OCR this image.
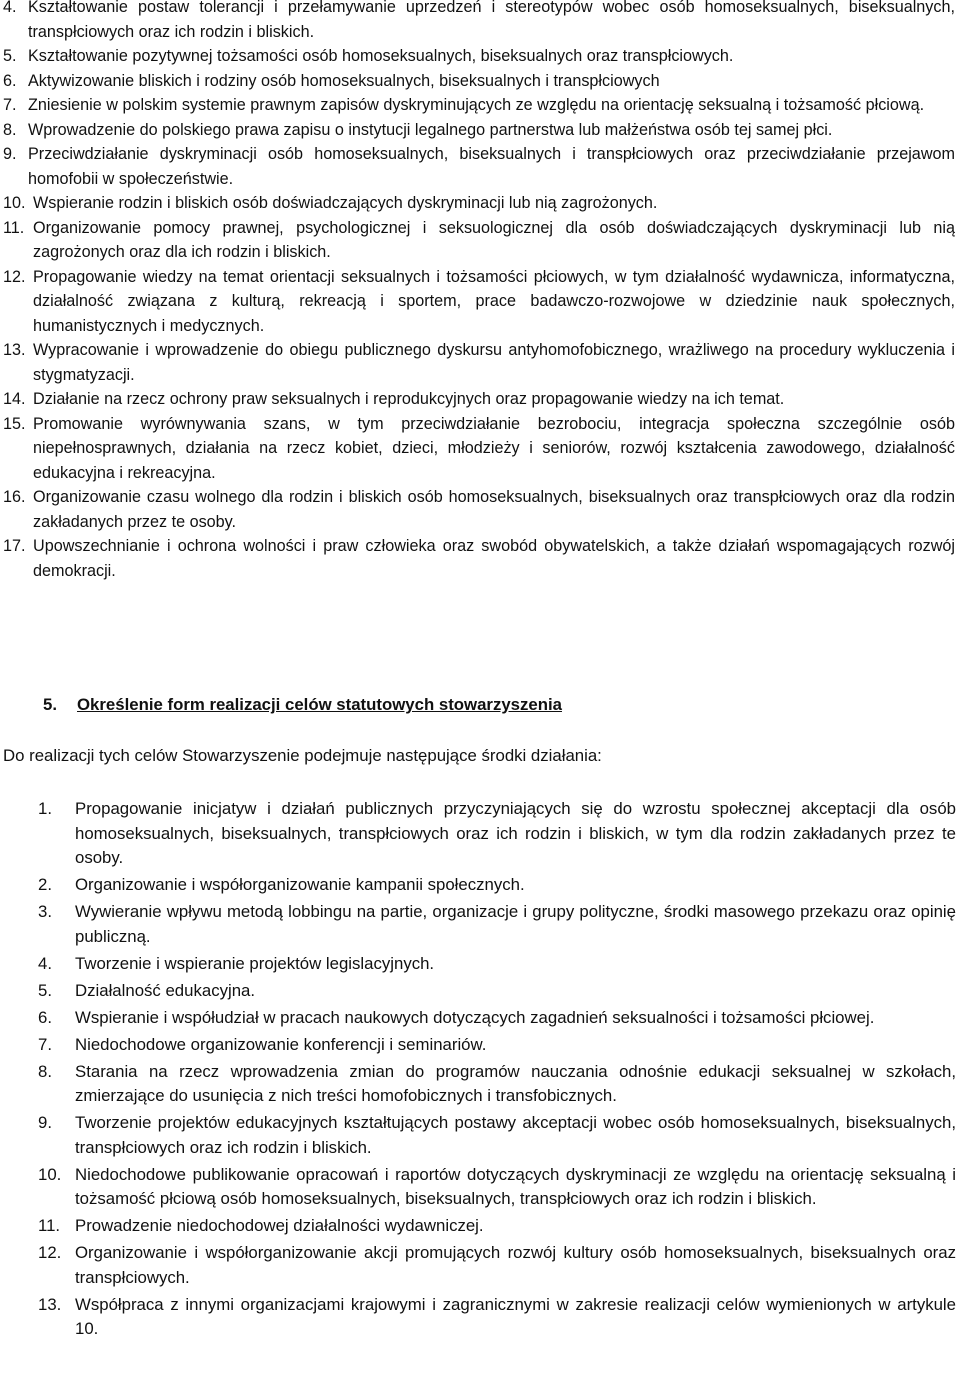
4. Kształtowanie postaw tolerancji i przełamywanie uprzedzeń i stereotypów wobec osób homoseksualnych, biseksualnych, transpłciowych oraz ich rodzin i bliskich.
5. Kształtowanie pozytywnej tożsamości osób homoseksualnych, biseksualnych oraz transpłciowych.
6. Aktywizowanie bliskich i rodziny osób homoseksualnych, biseksualnych i transpłciowych
7. Zniesienie w polskim systemie prawnym zapisów dyskryminujących ze względu na orientację seksualną i tożsamość płciową.
8. Wprowadzenie do polskiego prawa zapisu o instytucji legalnego partnerstwa lub małżeństwa osób tej samej płci.
9. Przeciwdziałanie dyskryminacji osób homoseksualnych, biseksualnych i transpłciowych oraz przeciwdziałanie przejawom homofobii w społeczeństwie.
10. Wspieranie rodzin i bliskich osób doświadczających dyskryminacji lub nią zagrożonych.
11. Organizowanie pomocy prawnej, psychologicznej i seksuologicznej dla osób doświadczających dyskryminacji lub nią zagrożonych oraz dla ich rodzin i bliskich.
12. Propagowanie wiedzy na temat orientacji seksualnych i tożsamości płciowych, w tym działalność wydawnicza, informatyczna, działalność związana z kulturą, rekreacją i sportem, prace badawczo-rozwojowe w dziedzinie nauk społecznych, humanistycznych i medycznych.
13. Wypracowanie i wprowadzenie do obiegu publicznego dyskursu antyhomofobicznego, wrażliwego na procedury wykluczenia i stygmatyzacji.
14. Działanie na rzecz ochrony praw seksualnych i reprodukcyjnych oraz propagowanie wiedzy na ich temat.
15. Promowanie wyrównywania szans, w tym przeciwdziałanie bezrobociu, integracja społeczna szczególnie osób niepełnosprawnych, działania na rzecz kobiet, dzieci, młodzieży i seniorów, rozwój kształcenia zawodowego, działalność edukacyjna i rekreacyjna.
16. Organizowanie czasu wolnego dla rodzin i bliskich osób homoseksualnych, biseksualnych oraz transpłciowych oraz dla rodzin zakładanych przez te osoby.
17. Upowszechnianie i ochrona wolności i praw człowieka oraz swobód obywatelskich, a także działań wspomagających rozwój demokracji.
5. Określenie form realizacji celów statutowych stowarzyszenia
Do realizacji tych celów Stowarzyszenie podejmuje następujące środki działania:
1. Propagowanie inicjatyw i działań publicznych przyczyniających się do wzrostu społecznej akceptacji dla osób homoseksualnych, biseksualnych, transpłciowych oraz ich rodzin i bliskich, w tym dla rodzin zakładanych przez te osoby.
2. Organizowanie i współorganizowanie kampanii społecznych.
3. Wywieranie wpływu metodą lobbingu na partie, organizacje i grupy polityczne, środki masowego przekazu oraz opinię publiczną.
4. Tworzenie i wspieranie projektów legislacyjnych.
5. Działalność edukacyjna.
6. Wspieranie i współudział w pracach naukowych dotyczących zagadnień seksualności i tożsamości płciowej.
7. Niedochodowe organizowanie konferencji i seminariów.
8. Starania na rzecz wprowadzenia zmian do programów nauczania odnośnie edukacji seksualnej w szkołach, zmierzające do usunięcia z nich treści homofobicznych i transfobicznych.
9. Tworzenie projektów edukacyjnych kształtujących postawy akceptacji wobec osób homoseksualnych, biseksualnych, transpłciowych oraz ich rodzin i bliskich.
10. Niedochodowe publikowanie opracowań i raportów dotyczących dyskryminacji ze względu na orientację seksualną i tożsamość płciową osób homoseksualnych, biseksualnych, transpłciowych oraz ich rodzin i bliskich.
11. Prowadzenie niedochodowej działalności wydawniczej.
12. Organizowanie i współorganizowanie akcji promujących rozwój kultury osób homoseksualnych, biseksualnych oraz transpłciowych.
13. Współpraca z innymi organizacjami krajowymi i zagranicznymi w zakresie realizacji celów wymienionych w artykule 10.
